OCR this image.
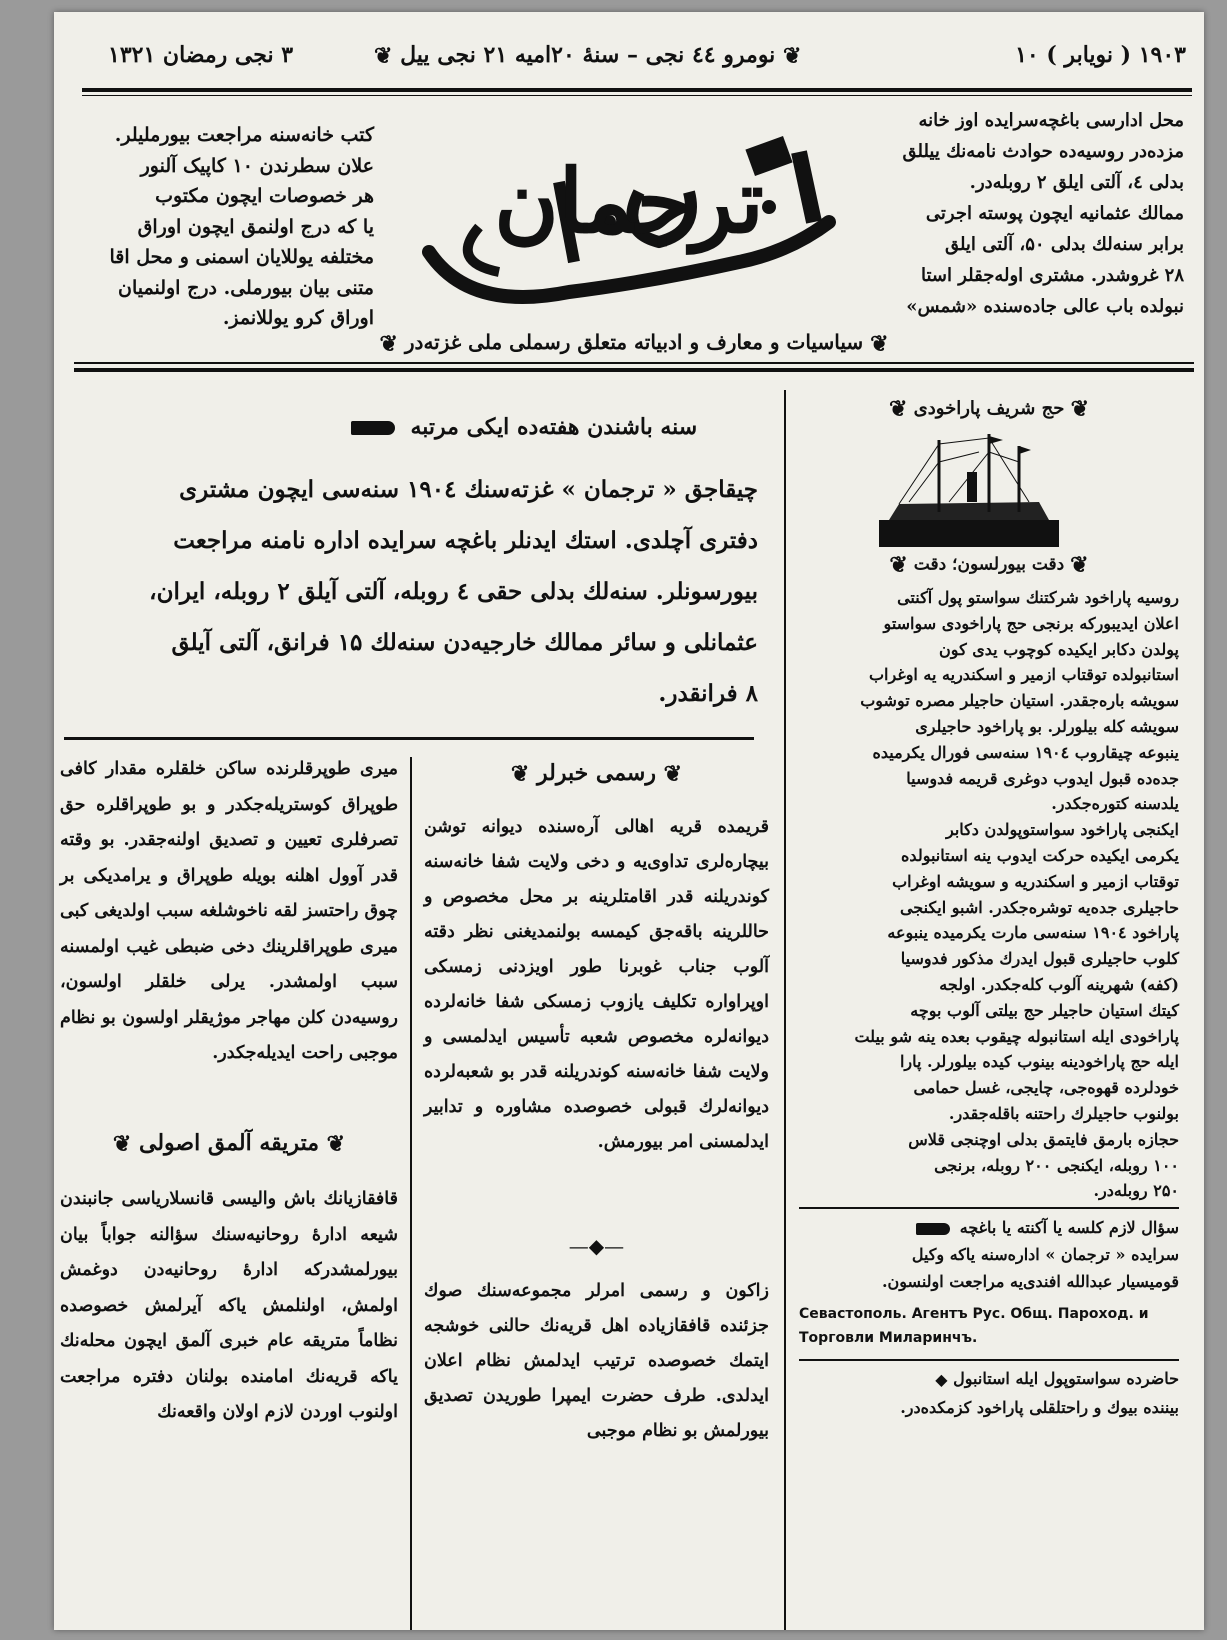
۱۹۰۳ ( نویابر ) ۱۰
❦ نومرو ٤٤ نجی – سنهٔ ۲۰امیه ۲۱ نجی ییل ❦
۳ نجی رمضان ۱۳۲۱
کتب خانه‌سنه مراجعت بیورملیلر.
علان سطرندن ۱۰ کاپیک آلنور
هر خصوصات ایچون مکتوب
یا که درج اولنمق ایچون اوراق
مختلفه یوللایان اسمنی و محل اقا
متنی بیان بیورملی. درج اولنمیان
اوراق کرو یوللانمز.
ترجمان
محل ادارسی باغچه‌سرایده اوز خانه
مزده‌در روسیه‌ده حوادث نامه‌نك ییللق
بدلی ٤، آلتی ایلق ۲ روبله‌در.
ممالك عثمانیه ایچون پوسته اجرتی
برابر سنه‌لك بدلی ۵۰، آلتی ایلق
۲۸ غروشدر. مشتری اوله‌جقلر استا
نبولده باب عالی جاده‌سنده «شمس»
❦ سیاسیات و معارف و ادبیاته متعلق رسملی ملی غزته‌در ❦
سنه باشندن هفته‌ده ایکی مرتبه
چیقاجق « ترجمان » غزته‌سنك ۱۹۰٤ سنه‌سی ایچون مشتری
دفتری آچلدی. استك ایدنلر باغچه سرایده اداره نامنه مراجعت
بیورسونلر. سنه‌لك بدلی حقی ٤ روبله، آلتی آیلق ۲ روبله، ایران،
عثمانلی و سائر ممالك خارجیه‌دن سنه‌لك ۱۵ فرانق، آلتی آیلق
۸ فرانقدر.
❦ حج شریف پاراخودی ❦
❦ دقت بیورلسون؛ دقت ❦
روسیه پاراخود شرکتنك سواستو پول آکنتی
اعلان ایدیبورکه برنجی حج پاراخودی سواستو
پولدن دکابر ایکیده کوچوب یدی کون
استانبولده توقتاب ازمیر و اسکندریه یه اوغراب
سویشه بارەجقدر. استیان حاجیلر مصره توشوب
سویشه کله بیلورلر. بو پاراخود حاجیلری
ینبوعه چیقاروب ۱۹۰٤ سنه‌سی فورال یکرمیده
جده‌ده قبول ایدوب دوغری قریمه فدوسیا
یلدسنه کتوره‌جکدر.
ایکنجی پاراخود سواستوپولدن دکابر
یکرمی ایکیده حرکت ایدوب ینه استانبولده
توقتاب ازمیر و اسکندریه و سویشه اوغراب
حاجیلری جده‌یه توشره‌جکدر. اشبو ایکنجی
پاراخود ۱۹۰٤ سنه‌سی مارت یکرمیده ینبوعه
کلوب حاجیلری قبول ایدرك مذکور فدوسیا
(کفه) شهرینه آلوب کله‌جکدر. اولجه
کیتك استیان حاجیلر حج بیلتی آلوب بوچه
پاراخودی ایله استانبوله چیقوب بعده ینه شو بیلت
ایله حج پاراخودینه بینوب کیده بیلورلر. پارا
خودلرده قهوه‌جی، چایجی، غسل حمامی
بولنوب حاجیلرك راحتنه باقله‌جقدر.
حجازه بارمق فایتمق بدلی اوچنجی قلاس
۱۰۰ روبله، ایکنجی ۲۰۰ روبله، برنجی
۲۵۰ روبله‌در.
سؤال لازم کلسه یا آکنته یا باغچه
سرایده « ترجمان » اداره‌سنه یاکه وکیل
قومیسیار عبدالله افندی‌یه مراجعت اولنسون.
Севастополь. Агентъ Рус. Общ. Пароход. и
Торговли Миларинчъ.
حاضرده سواستوپول ایله استانبول ◆
بیننده بیوك و راحتلقلی پاراخود کزمکده‌در.
❦ رسمی خبرلر ❦

قریمده قریه اهالی آره‌سنده دیوانه توشن بیچاره‌لری تداوی‌یه و دخی ولایت شفا خانه‌سنه کوندریلنه قدر اقامتلرینه بر محل مخصوص و حاللرینه باقه‌جق کیمسه بولنمدیغنی نظر دقته آلوب جناب غوبرنا طور اویزدنی زمسکی اوپراوا‌ره تکلیف یازوب زمسکی شفا خانه‌لرده دیوانه‌لره مخصوص شعبه تأسیس ایدلمسی و ولایت شفا خانه‌سنه کوندریلنه قدر بو شعبه‌لرده دیوانه‌لرك قبولی خصوصده مشاوره و تدابیر ایدلمسنی امر بیورمش.

—◆—

زاکون و رسمی امرلر مجموعه‌سنك صوك جزئنده قافقازیاده اهل قریه‌نك حالنی خوشجه ایتمك خصوصده ترتیب ایدلمش نظام اعلان ایدلدی. طرف حضرت ایمپرا طوریدن تصدیق بیورلمش بو نظام موجبی

میری طوپرقلرنده ساکن خلقلره مقدار کافی طوپراق کوستریله‌جکدر و بو طوپراقلره حق تصرفلری تعیین و تصدیق اولنه‌جقدر. بو وقته قدر آوول اهلنه بویله طوپراق و یرامدیکی بر چوق راحتسز لقه ناخوشلغه سبب اولدیغی کبی میری طوپراقلرینك دخی ضبطی غیب اولمسنه سبب اولمشدر. یرلی خلقلر اولسون، روسیه‌دن کلن مهاجر موژیقلر اولسون بو نظام موجبی راحت ایدیله‌جکدر.

❦ متریقه آلمق اصولی ❦

قافقازیانك باش والیسی قانسلاریاسی جانبندن شیعه ادارهٔ روحانیه‌سنك سؤالنه جواباً بیان بیورلمشدرکه ادارهٔ روحانیه‌دن دوغمش اولمش، اولنلمش یاکه آیرلمش خصوصده نظاماً متریقه عام خبری آلمق ایچون محله‌نك یاکه قریه‌نك امامنده بولنان دفترە مراجعت اولنوب اوردن لازم اولان واقعه‌نك
